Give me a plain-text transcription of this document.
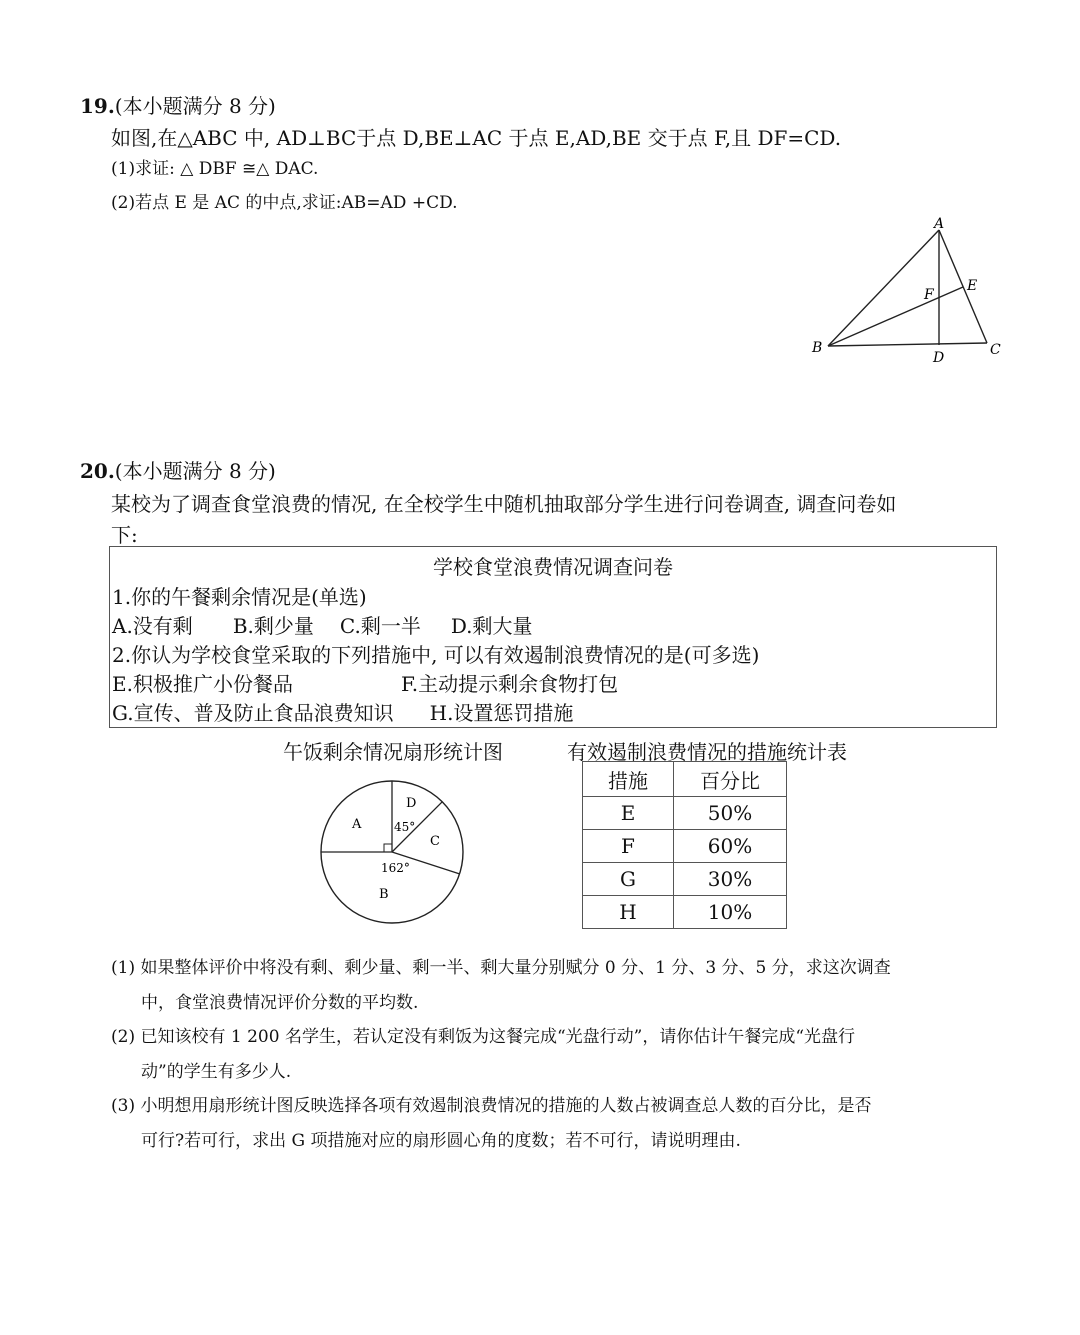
19.(本小题满分 8 分)
如图,在△ABC 中, AD⊥BC于点 D,BE⊥AC 于点 E,AD,BE 交于点 F,且 DF=CD.
(1)求证: △ DBF ≅△ DAC.
(2)若点 E 是 AC 的中点,求证:AB=AD +CD.
A
B	C
D
E
F
20.(本小题满分 8 分)
某校为了调查食堂浪费的情况, 在全校学生中随机抽取部分学生进行问卷调查, 调查问卷如
下:
学校食堂浪费情况调查问卷
1.你的午餐剩余情况是(单选)
A.没有剩 B.剩少量 C.剩一半 D.剩大量
2.你认为学校食堂采取的下列措施中, 可以有效遏制浪费情况的是(可多选)
E.积极推广小份餐品	F.主动提示剩余食物打包
G.宣传、普及防止食品浪费知识 H.设置惩罚措施
午饭剩余情况扇形统计图	有效遏制浪费情况的措施统计表
A
B
C
D
45°
162°
措施	百分比
E	50%
F	60%
G	30%
H	10%
(1) 如果整体评价中将没有剩、剩少量、剩一半、剩大量分别赋分 0 分、1 分、3 分、5 分，求这次调查
中，食堂浪费情况评价分数的平均数.
(2) 已知该校有 1 200 名学生，若认定没有剩饭为这餐完成“光盘行动”，请你估计午餐完成“光盘行
动”的学生有多少人.
(3) 小明想用扇形统计图反映选择各项有效遏制浪费情况的措施的人数占被调查总人数的百分比，是否
可行?若可行，求出 G 项措施对应的扇形圆心角的度数；若不可行，请说明理由.
